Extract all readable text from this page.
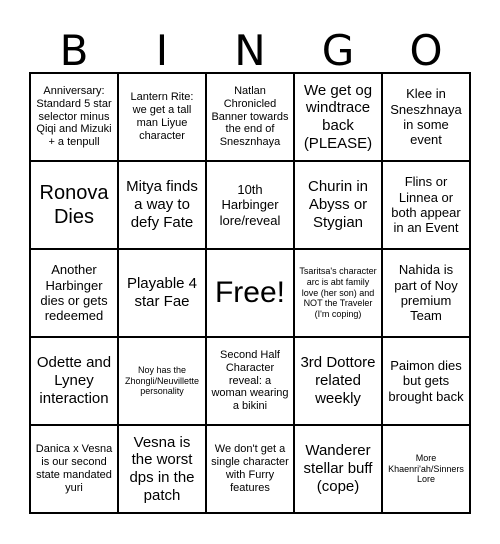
B	I	N	G	O
Anniversary: Standard 5 star selector minus Qiqi and Mizuki + a tenpull
Lantern Rite: we get a tall man Liyue character
Natlan Chronicled Banner towards the end of Snesznhaya
We get og windtrace back (PLEASE)
Klee in Sneszhnaya in some event
Ronova Dies
Mitya finds a way to defy Fate
10th Harbinger lore/reveal
Churin in Abyss or Stygian
Flins or Linnea or both appear in an Event
Another Harbinger dies or gets redeemed
Playable 4 star Fae Free!
Tsaritsa's character arc is abt family love (her son) and NOT the Traveler (I'm coping)
Nahida is part of Noy premium Team
Odette and Lyney interaction
Noy has the Zhongli/Neuvillette personality
Second Half Character reveal: a woman wearing a bikini
3rd Dottore related weekly
Paimon dies but gets brought back
Danica x Vesna is our second state mandated yuri
Vesna is the worst dps in the patch
We don't get a single character with Furry features
Wanderer stellar buff (cope)
More Khaenri'ah/Sinners Lore
